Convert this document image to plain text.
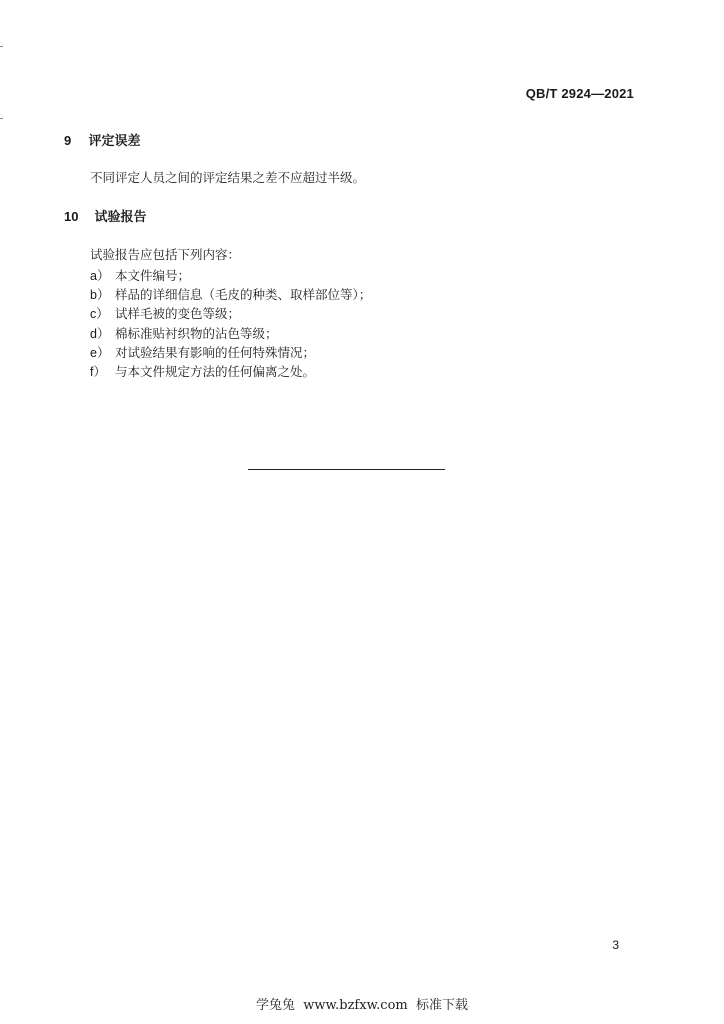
QB/T 2924—2021
9 评定误差
不同评定人员之间的评定结果之差不应超过半级。
10 试验报告
试验报告应包括下列内容：
a） 本文件编号；
b） 样品的详细信息（毛皮的种类、取样部位等）；
c） 试样毛被的变色等级；
d） 棉标准贴衬织物的沾色等级；
e） 对试验结果有影响的任何特殊情况；
f） 与本文件规定方法的任何偏离之处。
3
学兔兔  www.bzfxw.com  标准下载
